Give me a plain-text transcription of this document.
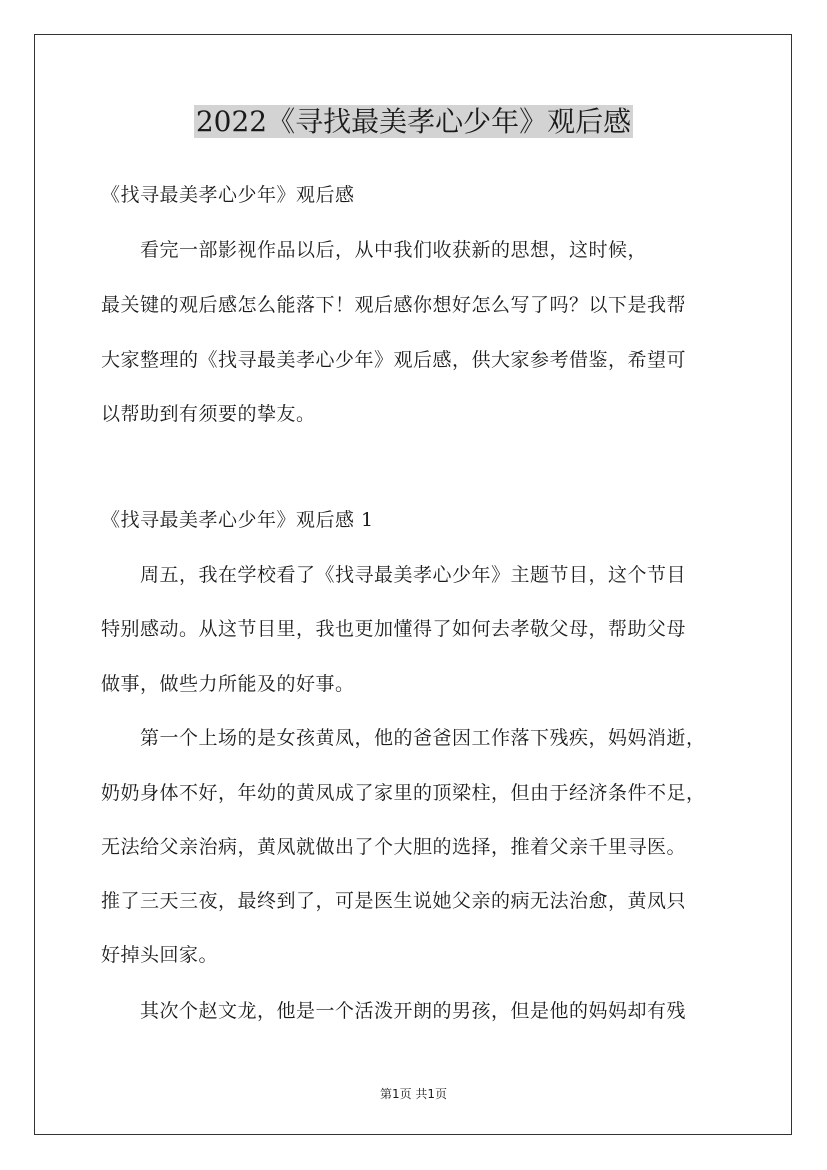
2022《寻找最美孝心少年》观后感
《找寻最美孝心少年》观后感
　　看完一部影视作品以后，从中我们收获新的思想，这时候，
最关键的观后感怎么能落下！观后感你想好怎么写了吗？以下是我帮
大家整理的《找寻最美孝心少年》观后感，供大家参考借鉴，希望可
以帮助到有须要的挚友。
《找寻最美孝心少年》观后感 1
　　周五，我在学校看了《找寻最美孝心少年》主题节目，这个节目
特别感动。从这节目里，我也更加懂得了如何去孝敬父母，帮助父母
做事，做些力所能及的好事。
　　第一个上场的是女孩黄凤，他的爸爸因工作落下残疾，妈妈消逝，
奶奶身体不好，年幼的黄凤成了家里的顶梁柱，但由于经济条件不足，
无法给父亲治病，黄凤就做出了个大胆的选择，推着父亲千里寻医。
推了三天三夜，最终到了，可是医生说她父亲的病无法治愈，黄凤只
好掉头回家。
　　其次个赵文龙，他是一个活泼开朗的男孩，但是他的妈妈却有残
第1页 共1页
